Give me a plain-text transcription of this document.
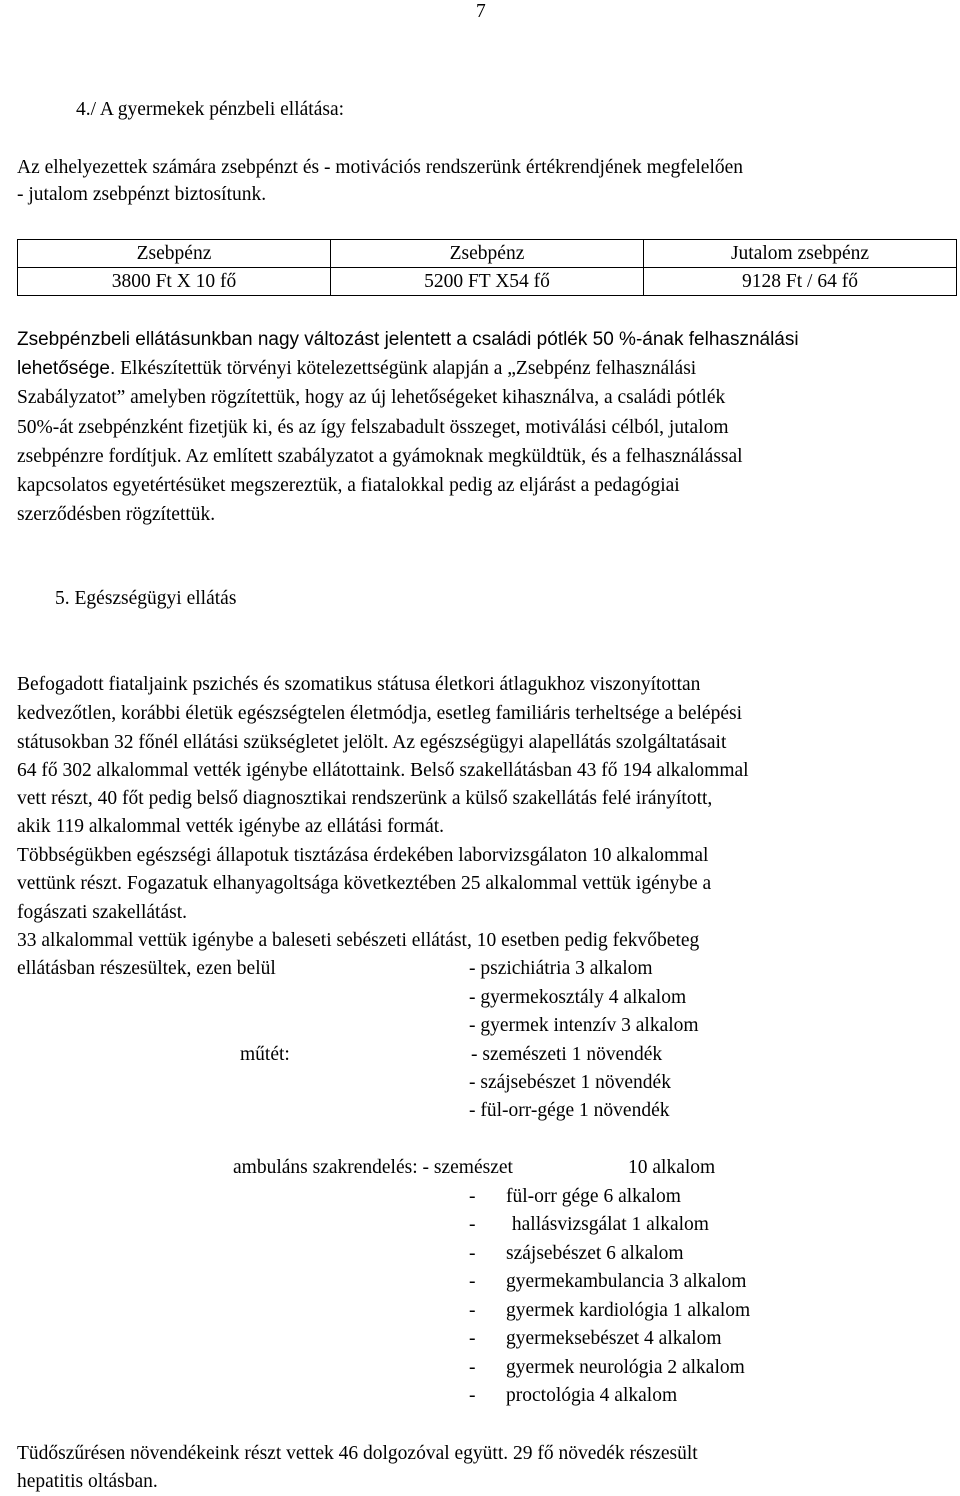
7
4./ A gyermekek pénzbeli ellátása:
Az elhelyezettek számára zsebpénzt és - motivációs rendszerünk értékrendjének megfelelően
- jutalom zsebpénzt biztosítunk.
Zsebpénz	Zsebpénz	Jutalom zsebpénz
3800 Ft X 10 fő	5200 FT X54 fő	9128 Ft / 64 fő
Zsebpénzbeli ellátásunkban nagy változást jelentett a családi pótlék 50 %-ának felhasználási
lehetősége. Elkészítettük törvényi kötelezettségünk alapján a „Zsebpénz felhasználási
Szabályzatot” amelyben rögzítettük, hogy az új lehetőségeket kihasználva, a családi pótlék
50%-át zsebpénzként fizetjük ki, és az így felszabadult összeget, motiválási célból, jutalom
zsebpénzre fordítjuk. Az említett szabályzatot a gyámoknak megküldtük, és a felhasználással
kapcsolatos egyetértésüket megszereztük, a fiatalokkal pedig az eljárást a pedagógiai
szerződésben rögzítettük.
5. Egészségügyi ellátás
Befogadott fiataljaink pszichés és szomatikus státusa életkori átlagukhoz viszonyítottan
kedvezőtlen, korábbi életük egészségtelen életmódja, esetleg familiáris terheltsége a belépési
státusokban 32 főnél ellátási szükségletet jelölt. Az egészségügyi alapellátás szolgáltatásait
64 fő 302 alkalommal vették igénybe ellátottaink. Belső szakellátásban 43 fő 194 alkalommal
vett részt, 40 főt pedig belső diagnosztikai rendszerünk a külső szakellátás felé irányított,
akik 119 alkalommal vették igénybe az ellátási formát.
Többségükben egészségi állapotuk tisztázása érdekében laborvizsgálaton 10 alkalommal
vettünk részt. Fogazatuk elhanyagoltsága következtében 25 alkalommal vettük igénybe a
fogászati szakellátást.
33 alkalommal vettük igénybe a baleseti sebészeti ellátást, 10 esetben pedig fekvőbeteg
ellátásban részesültek, ezen belül	- pszichiátria 3 alkalom
- gyermekosztály 4 alkalom
- gyermek intenzív 3 alkalom
műtét:	- szemészeti 1 növendék
- szájsebészet 1 növendék
- fül-orr-gége 1 növendék
ambuláns szakrendelés: - szemészet	10 alkalom
- fül-orr gége 6 alkalom
- hallásvizsgálat 1 alkalom
- szájsebészet 6 alkalom
- gyermekambulancia 3 alkalom
- gyermek kardiológia 1 alkalom
- gyermeksebészet 4 alkalom
- gyermek neurológia 2 alkalom
- proctológia 4 alkalom
Tüdőszűrésen növendékeink részt vettek 46 dolgozóval együtt. 29 fő növedék részesült
hepatitis oltásban.
